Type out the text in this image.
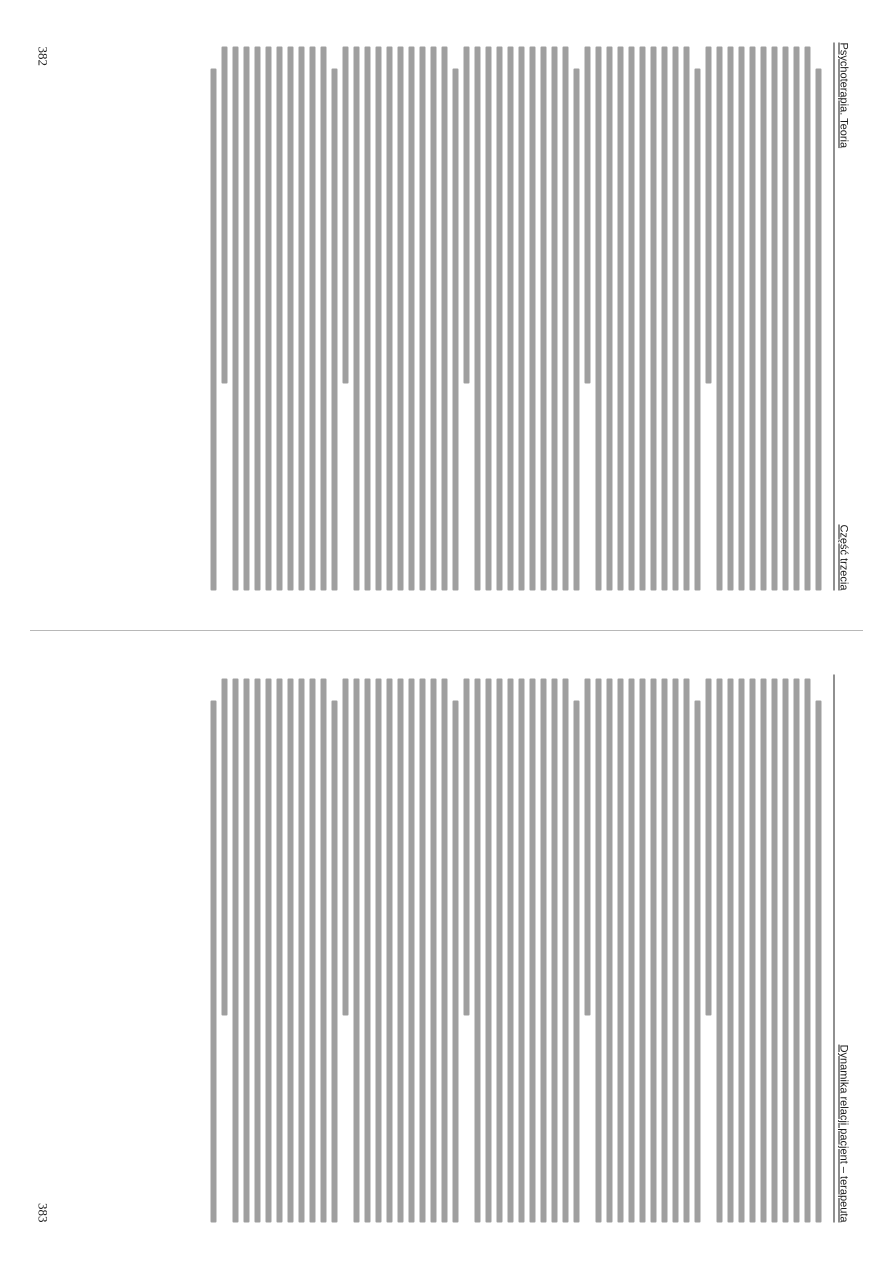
Psychoterapia. Teoria
Część trzecia
382
Dynamika relacji pacjent – terapeuta
383
